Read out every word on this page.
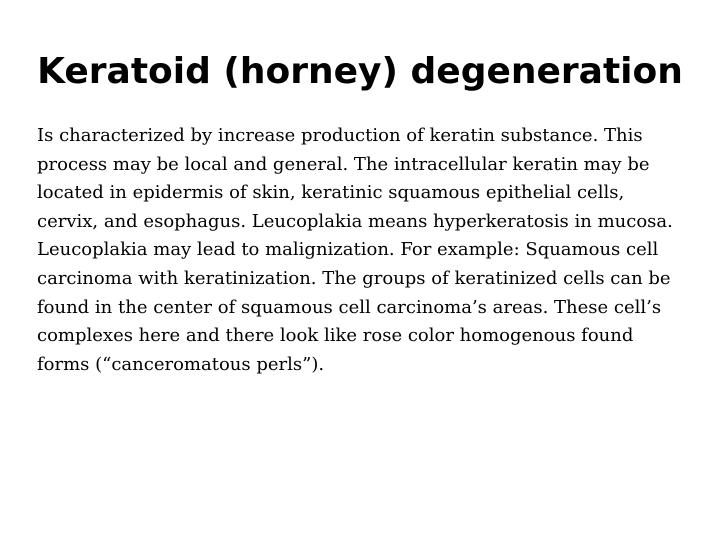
Keratoid (horney) degeneration

Is characterized by increase production of keratin substance. This process may be local and general. The intracellular keratin may be located in epidermis of skin, keratinic squamous epithelial cells, cervix, and esophagus. Leucoplakia means hyperkeratosis in mucosa. Leucoplakia may lead to malignization. For example: Squamous cell carcinoma with keratinization. The groups of keratinized cells can be found in the center of squamous cell carcinoma’s areas. These cell’s complexes here and there look like rose color homogenous found forms (“canceromatous perls”).
